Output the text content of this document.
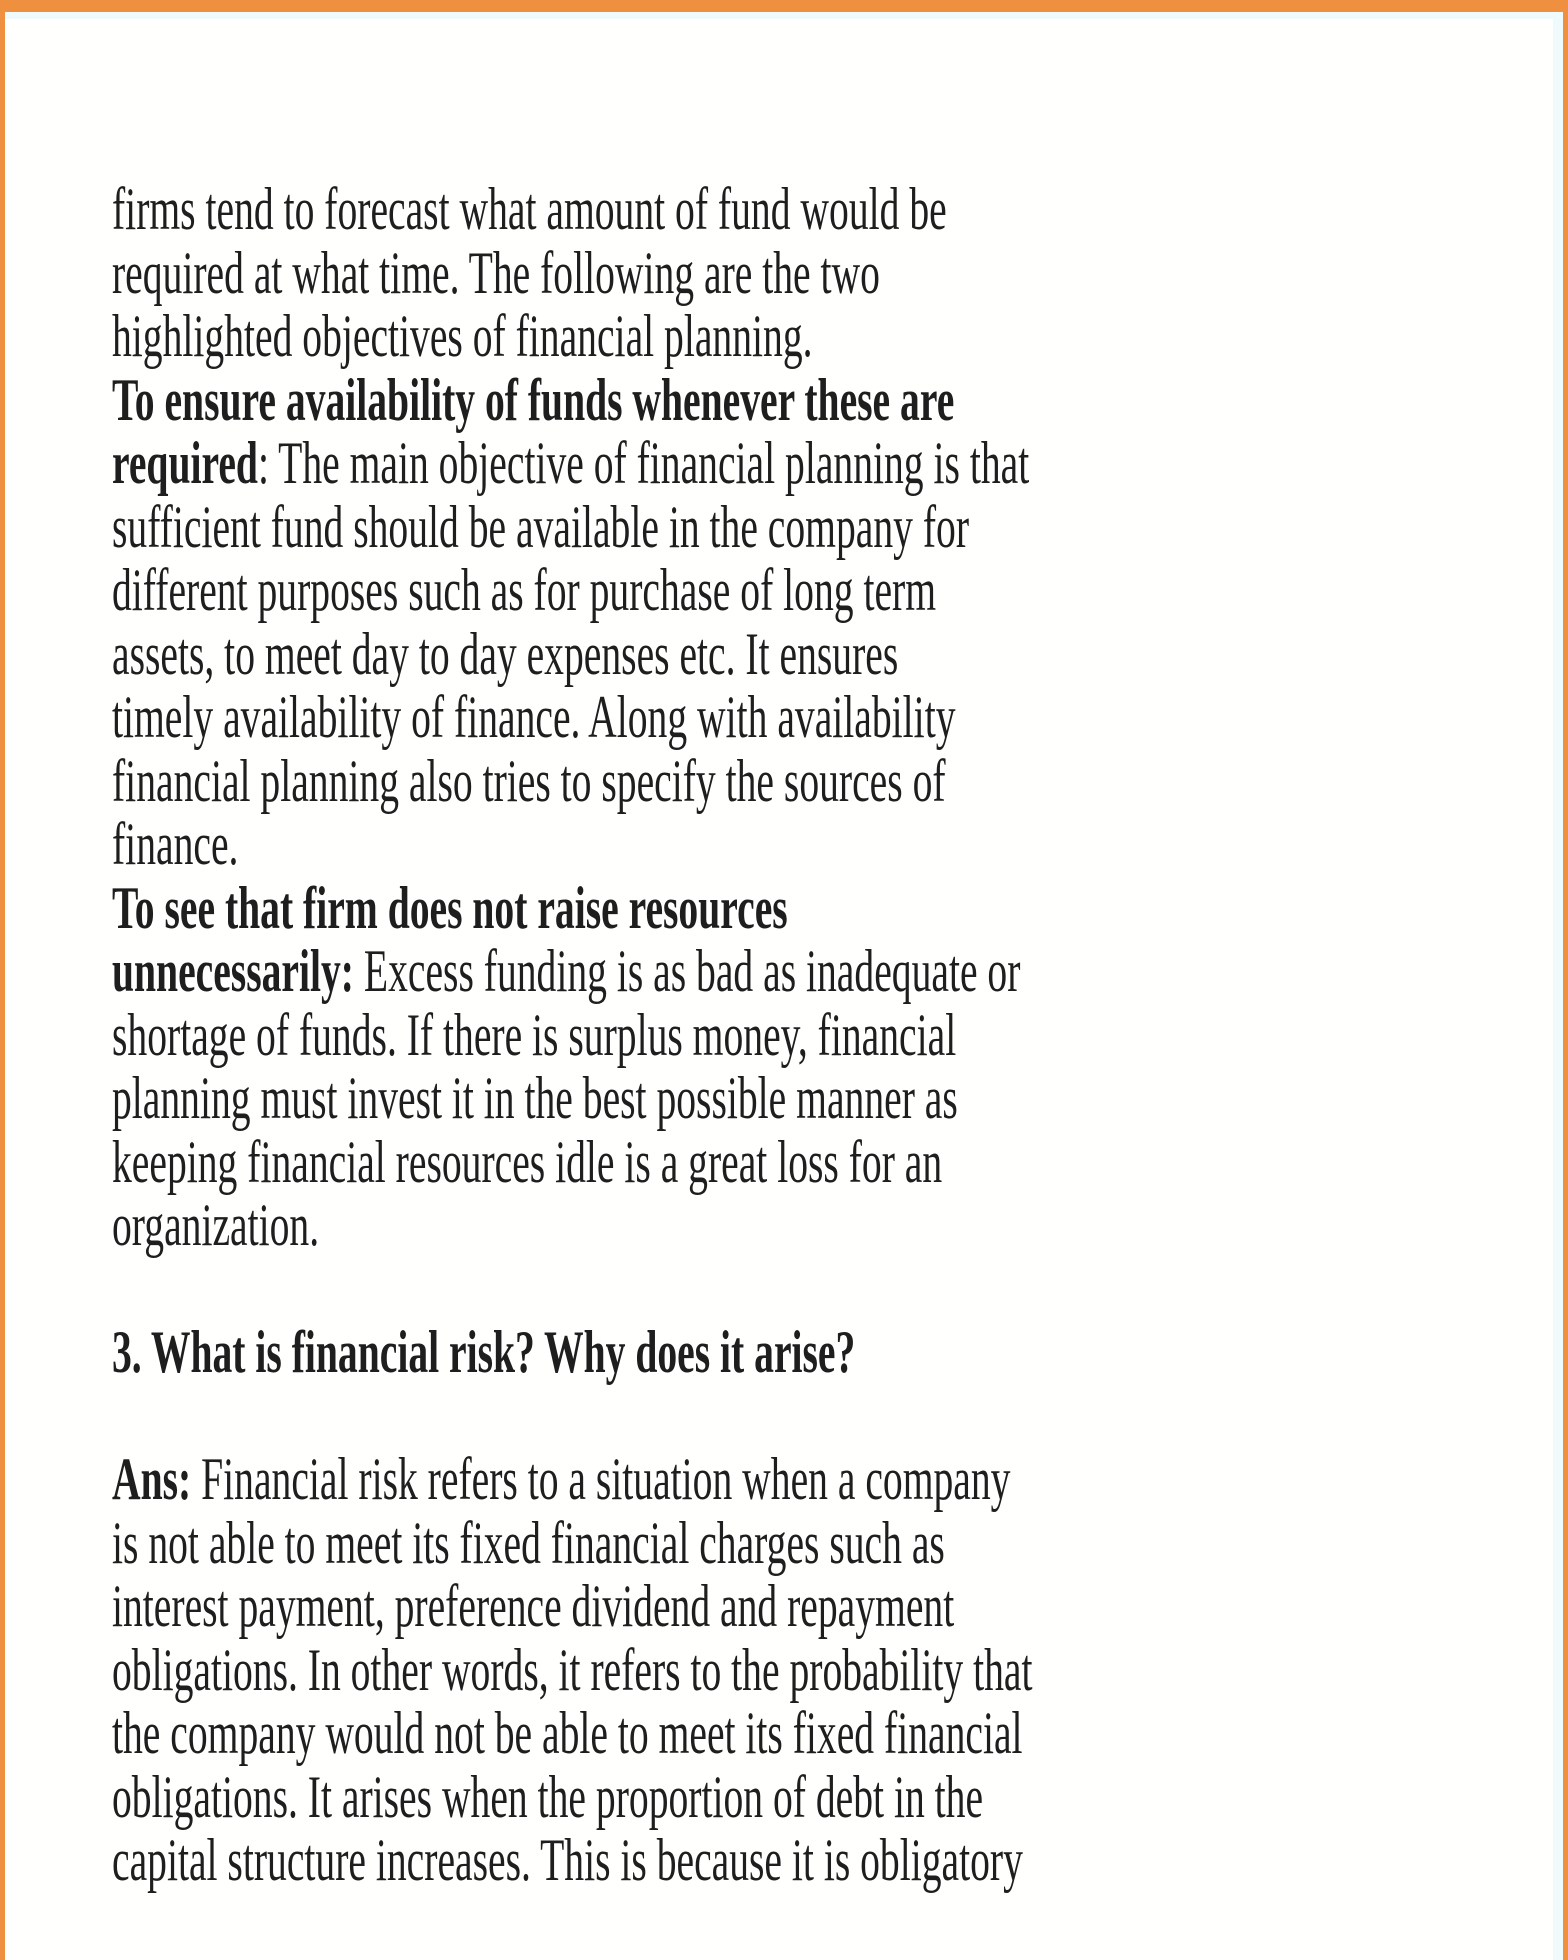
firms tend to forecast what amount of fund would be
required at what time. The following are the two
highlighted objectives of financial planning.
To ensure availability of funds whenever these are
required: The main objective of financial planning is that
sufficient fund should be available in the company for
different purposes such as for purchase of long term
assets, to meet day to day expenses etc. It ensures
timely availability of finance. Along with availability
financial planning also tries to specify the sources of
finance.
To see that firm does not raise resources
unnecessarily: Excess funding is as bad as inadequate or
shortage of funds. If there is surplus money, financial
planning must invest it in the best possible manner as
keeping financial resources idle is a great loss for an
organization.
3. What is financial risk? Why does it arise?
Ans: Financial risk refers to a situation when a company
is not able to meet its fixed financial charges such as
interest payment, preference dividend and repayment
obligations. In other words, it refers to the probability that
the company would not be able to meet its fixed financial
obligations. It arises when the proportion of debt in the
capital structure increases. This is because it is obligatory
